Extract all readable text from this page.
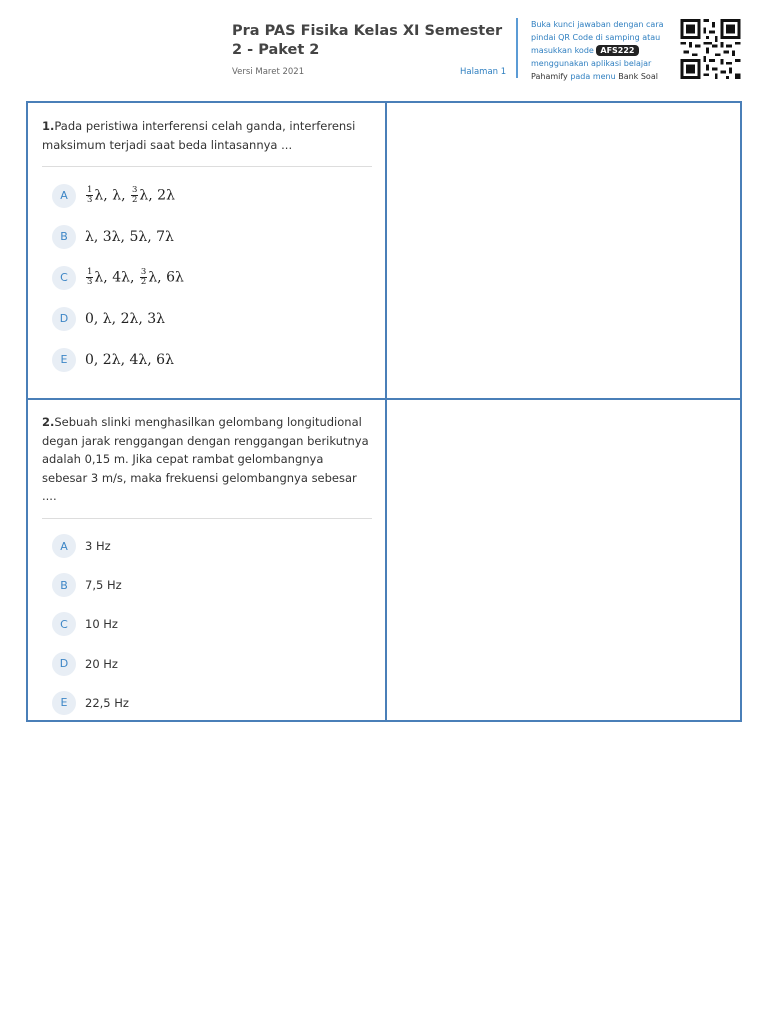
Pra PAS Fisika Kelas XI Semester 2 - Paket 2
Versi Maret 2021	Halaman 1
Buka kunci jawaban dengan cara pindai QR Code di samping atau masukkan kode AFS222 menggunakan aplikasi belajar Pahamify pada menu Bank Soal
1.Pada peristiwa interferensi celah ganda, interferensi maksimum terjadi saat beda lintasannya ...
A	$\frac{1}{3} \lambda$, λ, $\frac{3}{2} \lambda$, 2λ
B	λ, 3λ, 5λ, 7λ
C	$\frac{1}{3} \lambda$, 4λ, $\frac{3}{2} \lambda$, 6λ
D	0, λ, 2λ, 3λ
E	0, 2λ, 4λ, 6λ
2.Sebuah slinki menghasilkan gelombang longitudional degan jarak renggangan dengan renggangan berikutnya adalah 0,15 m. Jika cepat rambat gelombangnya sebesar 3 m/s, maka frekuensi gelombangnya sebesar ....
A	3 Hz
B	7,5 Hz
C	10 Hz
D	20 Hz
E	22,5 Hz
